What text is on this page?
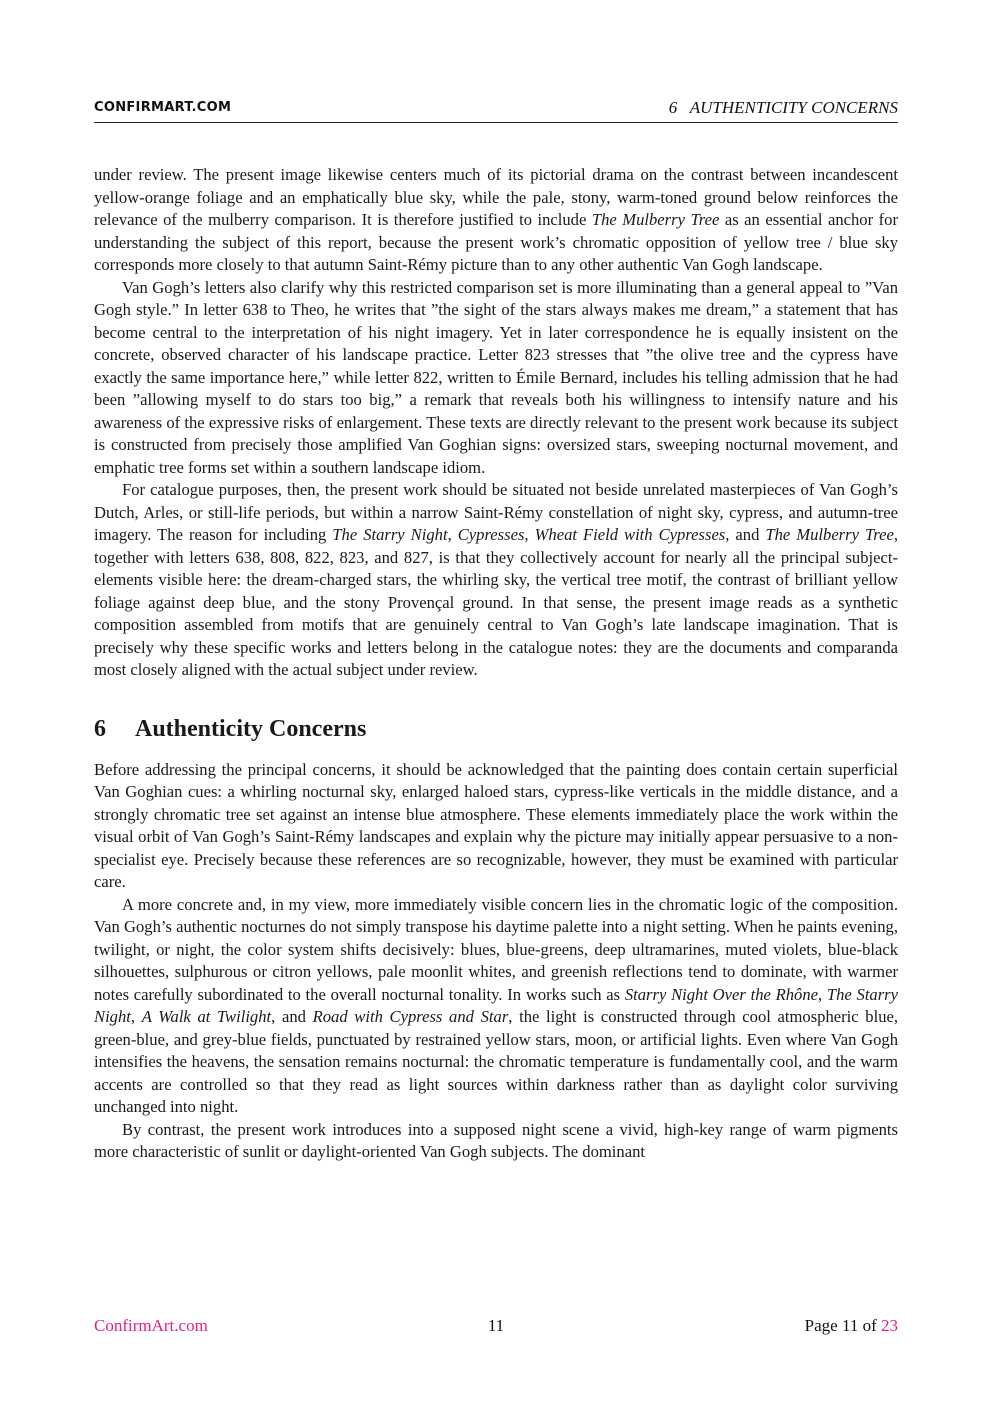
CONFIRMART.COM	6   AUTHENTICITY CONCERNS

under review. The present image likewise centers much of its pictorial drama on the contrast between incandescent yellow-orange foliage and an emphatically blue sky, while the pale, stony, warm-toned ground below reinforces the relevance of the mulberry comparison. It is therefore justified to include The Mulberry Tree as an essential anchor for understanding the subject of this report, because the present work’s chromatic opposition of yellow tree / blue sky corresponds more closely to that autumn Saint-Rémy picture than to any other authentic Van Gogh landscape.

Van Gogh’s letters also clarify why this restricted comparison set is more illuminating than a general appeal to ”Van Gogh style.” In letter 638 to Theo, he writes that ”the sight of the stars always makes me dream,” a statement that has become central to the interpretation of his night imagery. Yet in later correspondence he is equally insistent on the concrete, observed character of his landscape practice. Letter 823 stresses that ”the olive tree and the cypress have exactly the same importance here,” while letter 822, written to Émile Bernard, includes his telling admission that he had been ”allowing myself to do stars too big,” a remark that reveals both his willingness to intensify nature and his awareness of the expressive risks of enlargement. These texts are directly relevant to the present work because its subject is constructed from precisely those amplified Van Goghian signs: oversized stars, sweeping nocturnal movement, and emphatic tree forms set within a southern landscape idiom.

For catalogue purposes, then, the present work should be situated not beside unrelated masterpieces of Van Gogh’s Dutch, Arles, or still-life periods, but within a narrow Saint-Rémy constellation of night sky, cypress, and autumn-tree imagery. The reason for including The Starry Night, Cypresses, Wheat Field with Cypresses, and The Mulberry Tree, together with letters 638, 808, 822, 823, and 827, is that they collectively account for nearly all the principal subject-elements visible here: the dream-charged stars, the whirling sky, the vertical tree motif, the contrast of brilliant yellow foliage against deep blue, and the stony Provençal ground. In that sense, the present image reads as a synthetic composition assembled from motifs that are genuinely central to Van Gogh’s late landscape imagination. That is precisely why these specific works and letters belong in the catalogue notes: they are the documents and comparanda most closely aligned with the actual subject under review.

6 Authenticity Concerns

Before addressing the principal concerns, it should be acknowledged that the painting does contain certain superficial Van Goghian cues: a whirling nocturnal sky, enlarged haloed stars, cypress-like verticals in the middle distance, and a strongly chromatic tree set against an intense blue atmosphere. These elements immediately place the work within the visual orbit of Van Gogh’s Saint-Rémy landscapes and explain why the picture may initially appear persuasive to a non-specialist eye. Precisely because these references are so recognizable, however, they must be examined with particular care.

A more concrete and, in my view, more immediately visible concern lies in the chromatic logic of the composition. Van Gogh’s authentic nocturnes do not simply transpose his daytime palette into a night setting. When he paints evening, twilight, or night, the color system shifts decisively: blues, blue-greens, deep ultramarines, muted violets, blue-black silhouettes, sulphurous or citron yellows, pale moonlit whites, and greenish reflections tend to dominate, with warmer notes carefully subordinated to the overall nocturnal tonality. In works such as Starry Night Over the Rhône, The Starry Night, A Walk at Twilight, and Road with Cypress and Star, the light is constructed through cool atmospheric blue, green-blue, and grey-blue fields, punctuated by restrained yellow stars, moon, or artificial lights. Even where Van Gogh intensifies the heavens, the sensation remains nocturnal: the chromatic temperature is fundamentally cool, and the warm accents are controlled so that they read as light sources within darkness rather than as daylight color surviving unchanged into night.

By contrast, the present work introduces into a supposed night scene a vivid, high-key range of warm pigments more characteristic of sunlit or daylight-oriented Van Gogh subjects. The dominant

ConfirmArt.com	11	Page 11 of 23
